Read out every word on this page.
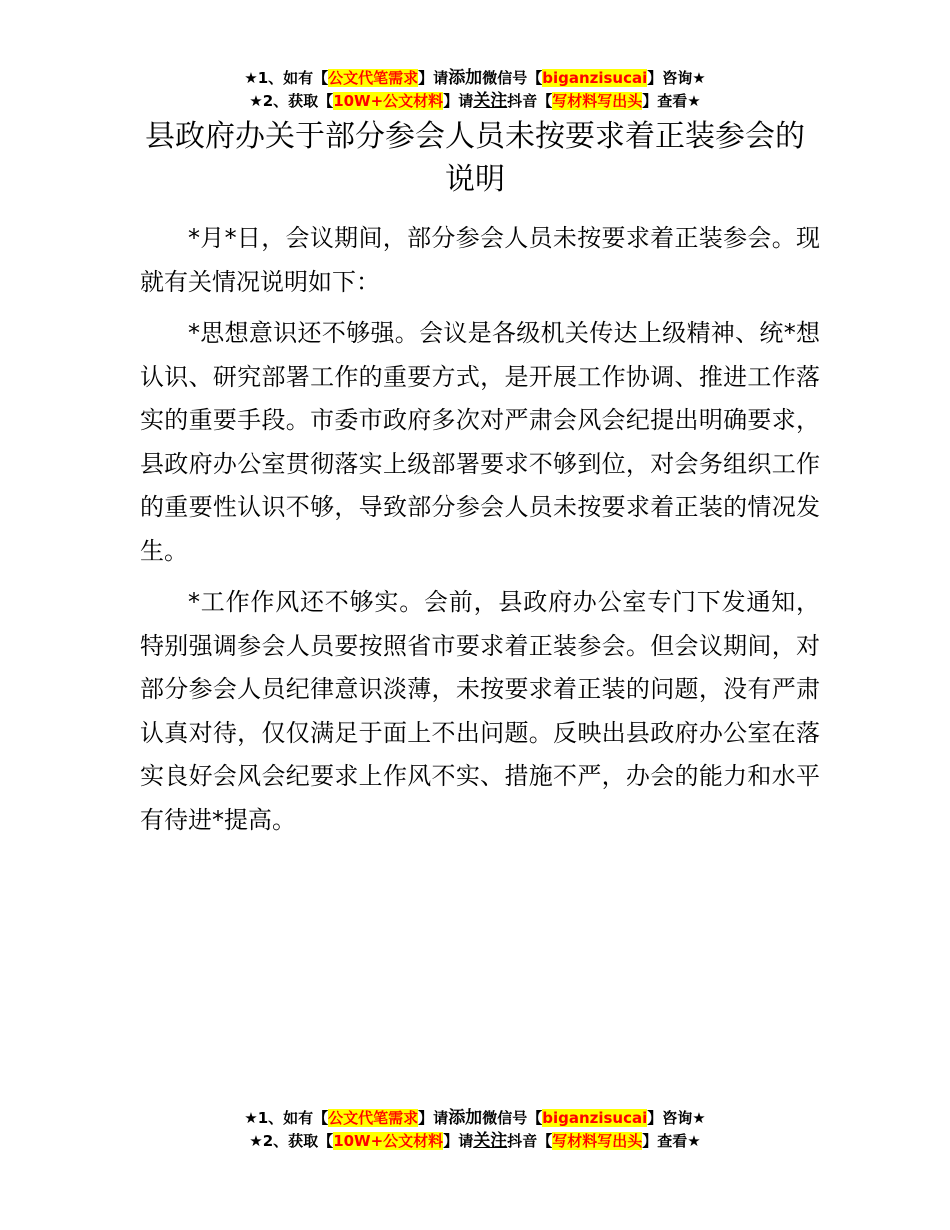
★1、如有【公文代笔需求】请添加微信号【biganzisucai】咨询★
★2、获取【10W+公文材料】请关注抖音【写材料写出头】查看★
县政府办关于部分参会人员未按要求着正装参会的说明

*月*日，会议期间，部分参会人员未按要求着正装参会。现就有关情况说明如下：

*思想意识还不够强。会议是各级机关传达上级精神、统*想认识、研究部署工作的重要方式，是开展工作协调、推进工作落实的重要手段。市委市政府多次对严肃会风会纪提出明确要求，县政府办公室贯彻落实上级部署要求不够到位，对会务组织工作的重要性认识不够，导致部分参会人员未按要求着正装的情况发生。

*工作作风还不够实。会前，县政府办公室专门下发通知，特别强调参会人员要按照省市要求着正装参会。但会议期间，对部分参会人员纪律意识淡薄，未按要求着正装的问题，没有严肃认真对待，仅仅满足于面上不出问题。反映出县政府办公室在落实良好会风会纪要求上作风不实、措施不严，办会的能力和水平有待进*提高。

★1、如有【公文代笔需求】请添加微信号【biganzisucai】咨询★
★2、获取【10W+公文材料】请关注抖音【写材料写出头】查看★
